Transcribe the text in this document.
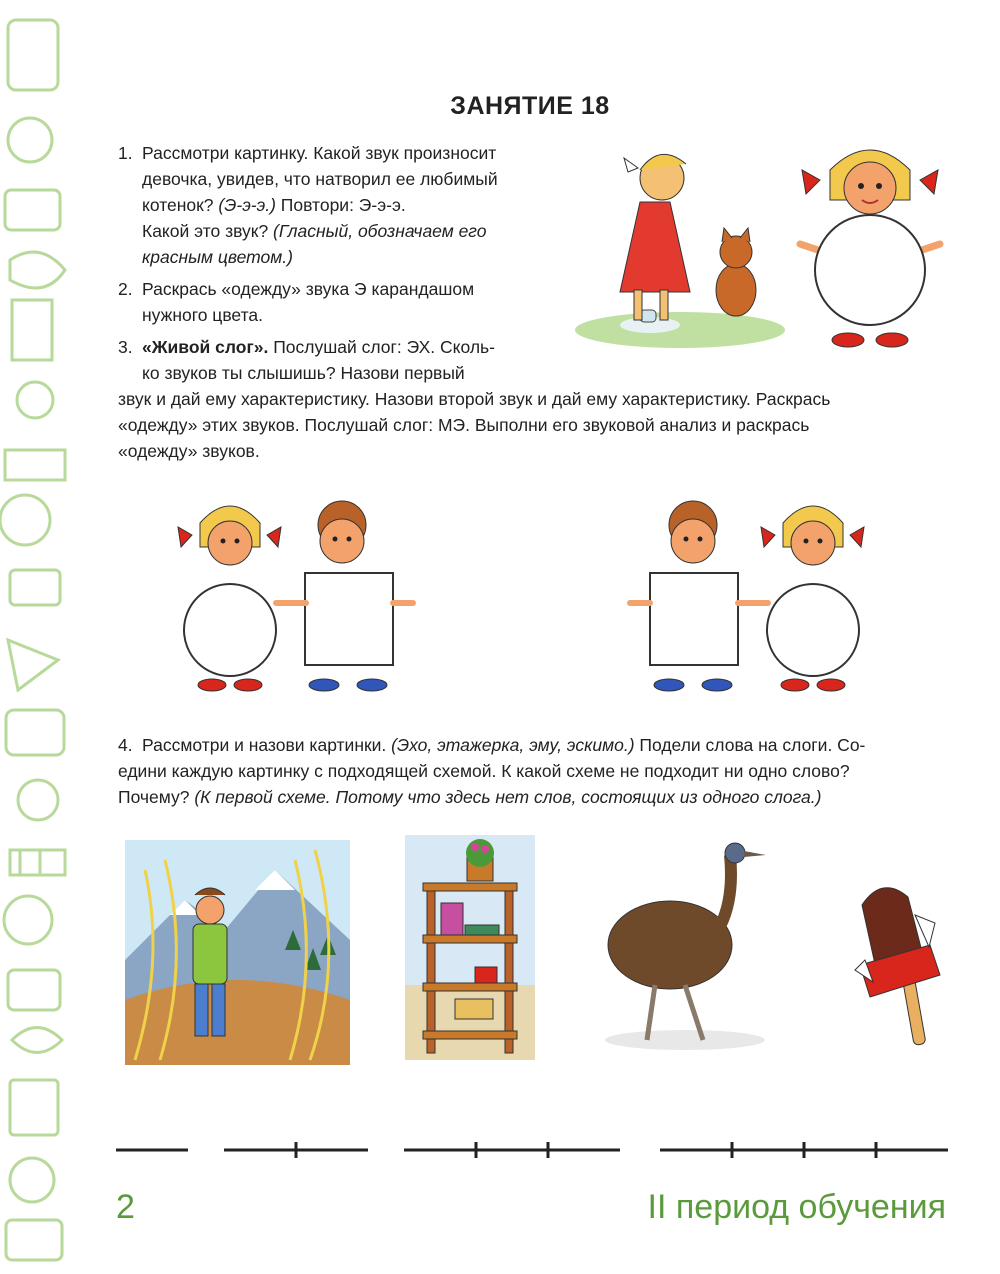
ЗАНЯТИЕ 18
1. Рассмотри картинку. Какой звук произносит
девочка, увидев, что натворил ее любимый
котенок? (Э-э-э.) Повтори: Э-э-э.
Какой это звук? (Гласный, обозначаем его
красным цветом.)
2. Раскрась «одежду» звука Э карандашом
нужного цвета.
3. «Живой слог». Послушай слог: ЭХ. Сколь-
ко звуков ты слышишь? Назови первый
звук и дай ему характеристику. Назови второй звук и дай ему характеристику. Раскрась
«одежду» этих звуков. Послушай слог: МЭ. Выполни его звуковой анализ и раскрась
«одежду» звуков.
4. Рассмотри и назови картинки. (Эхо, этажерка, эму, эскимо.) Подели слова на слоги. Со-
едини каждую картинку с подходящей схемой. К какой схеме не подходит ни одно слово?
Почему? (К первой схеме. Потому что здесь нет слов, состоящих из одного слога.)
2	II период обучения
